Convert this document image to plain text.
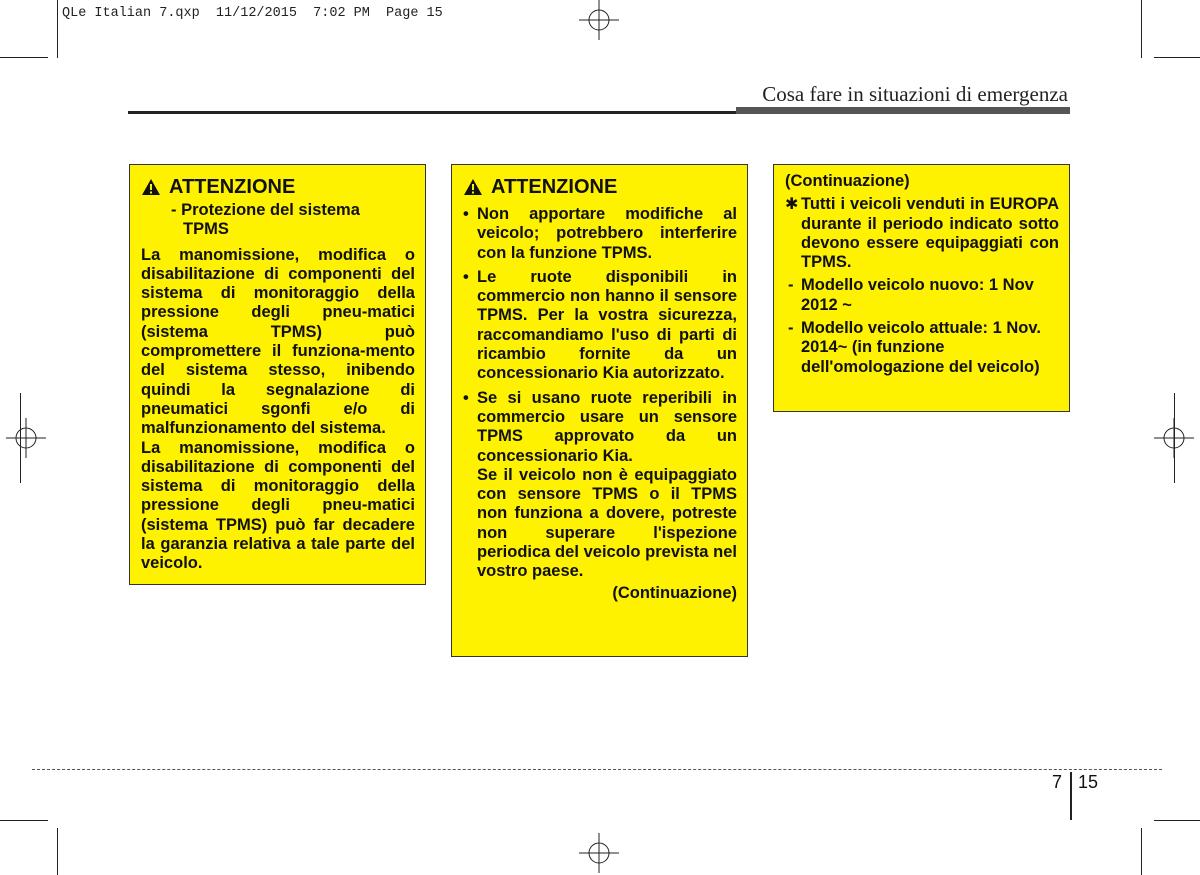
QLe Italian 7.qxp  11/12/2015  7:02 PM  Page 15
Cosa fare in situazioni di emergenza
ATTENZIONE
- Protezione del sistema
TPMS
La manomissione, modifica o disabilitazione di componenti del sistema di monitoraggio della pressione degli pneu-matici (sistema TPMS) può compromettere il funziona-mento del sistema stesso, inibendo quindi la segnalazione di pneumatici sgonfi e/o di malfunzionamento del sistema.
La manomissione, modifica o disabilitazione di componenti del sistema di monitoraggio della pressione degli pneu-matici (sistema TPMS) può far decadere la garanzia relativa a tale parte del veicolo.
ATTENZIONE
• Non apportare modifiche al veicolo; potrebbero interferire con la funzione TPMS.
• Le ruote disponibili in commercio non hanno il sensore TPMS. Per la vostra sicurezza, raccomandiamo l'uso di parti di ricambio fornite da un concessionario Kia autorizzato.
• Se si usano ruote reperibili in commercio usare un sensore TPMS approvato da un concessionario Kia.
Se il veicolo non è equipaggiato con sensore TPMS o il TPMS non funziona a dovere, potreste non superare l'ispezione periodica del veicolo prevista nel vostro paese.
(Continuazione)
(Continuazione)
✱ Tutti i veicoli venduti in EUROPA durante il periodo indicato sotto devono essere equipaggiati con TPMS.
- Modello veicolo nuovo: 1 Nov 2012 ~
- Modello veicolo attuale: 1 Nov. 2014~ (in funzione dell'omologazione del veicolo)
7 15
